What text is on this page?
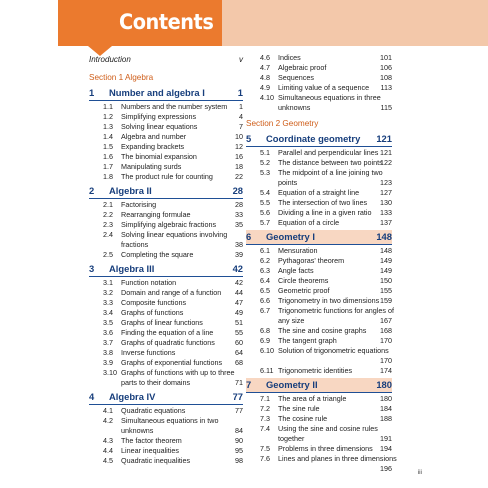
Contents
Introduction	v
Section 1 Algebra
1 Number and algebra I	1
1.1 Numbers and the number system 1
1.2 Simplifying expressions	4
1.3 Solving linear equations	7
1.4 Algebra and number	10
1.5 Expanding brackets	12
1.6 The binomial expansion	16
1.7 Manipulating surds	18
1.8 The product rule for counting	22
2 Algebra II	28
2.1 Factorising	28
2.2 Rearranging formulae	33
2.3 Simplifying algebraic fractions	35
2.4 Solving linear equations involving fractions	38
2.5 Completing the square	39
3 Algebra III	42
3.1 Function notation	42
3.2 Domain and range of a function 44
3.3 Composite functions	47
3.4 Graphs of functions	49
3.5 Graphs of linear functions	51
3.6 Finding the equation of a line	55
3.7 Graphs of quadratic functions	60
3.8 Inverse functions	64
3.9 Graphs of exponential functions 68
3.10 Graphs of functions with up to three parts to their domains	71
4 Algebra IV	77
4.1 Quadratic equations	77
4.2 Simultaneous equations in two unknowns	84
4.3 The factor theorem	90
4.4 Linear inequalities	95
4.5 Quadratic inequalities	98
4.6 Indices	101
4.7 Algebraic proof	106
4.8 Sequences	108
4.9 Limiting value of a sequence 113
4.10 Simultaneous equations in three unknowns	115
Section 2 Geometry
5 Coordinate geometry 121
5.1 Parallel and perpendicular lines 121
5.2 The distance between two points
122
5.3 The midpoint of a line joining two points	123
5.4 Equation of a straight line	127
5.5 The intersection of two lines 130
5.6 Dividing a line in a given ratio 133
5.7 Equation of a circle	137
6 Geometry I	148
6.1 Mensuration	148
6.2 Pythagoras' theorem	149
6.3 Angle facts	149
6.4 Circle theorems	150
6.5 Geometric proof	155
6.6 Trigonometry in two dimensions 159
6.7 Trigonometric functions for angles of any size	167
6.8 The sine and cosine graphs 168
6.9 The tangent graph	170
6.10 Solution of trigonometric equations
170
6.11 Trigonometric identities	174
7 Geometry II	180
7.1 The area of a triangle	180
7.2 The sine rule	184
7.3 The cosine rule	188
7.4 Using the sine and cosine rules together	191
7.5 Problems in three dimensions 194
7.6 Lines and planes in three dimensions
196	iii
